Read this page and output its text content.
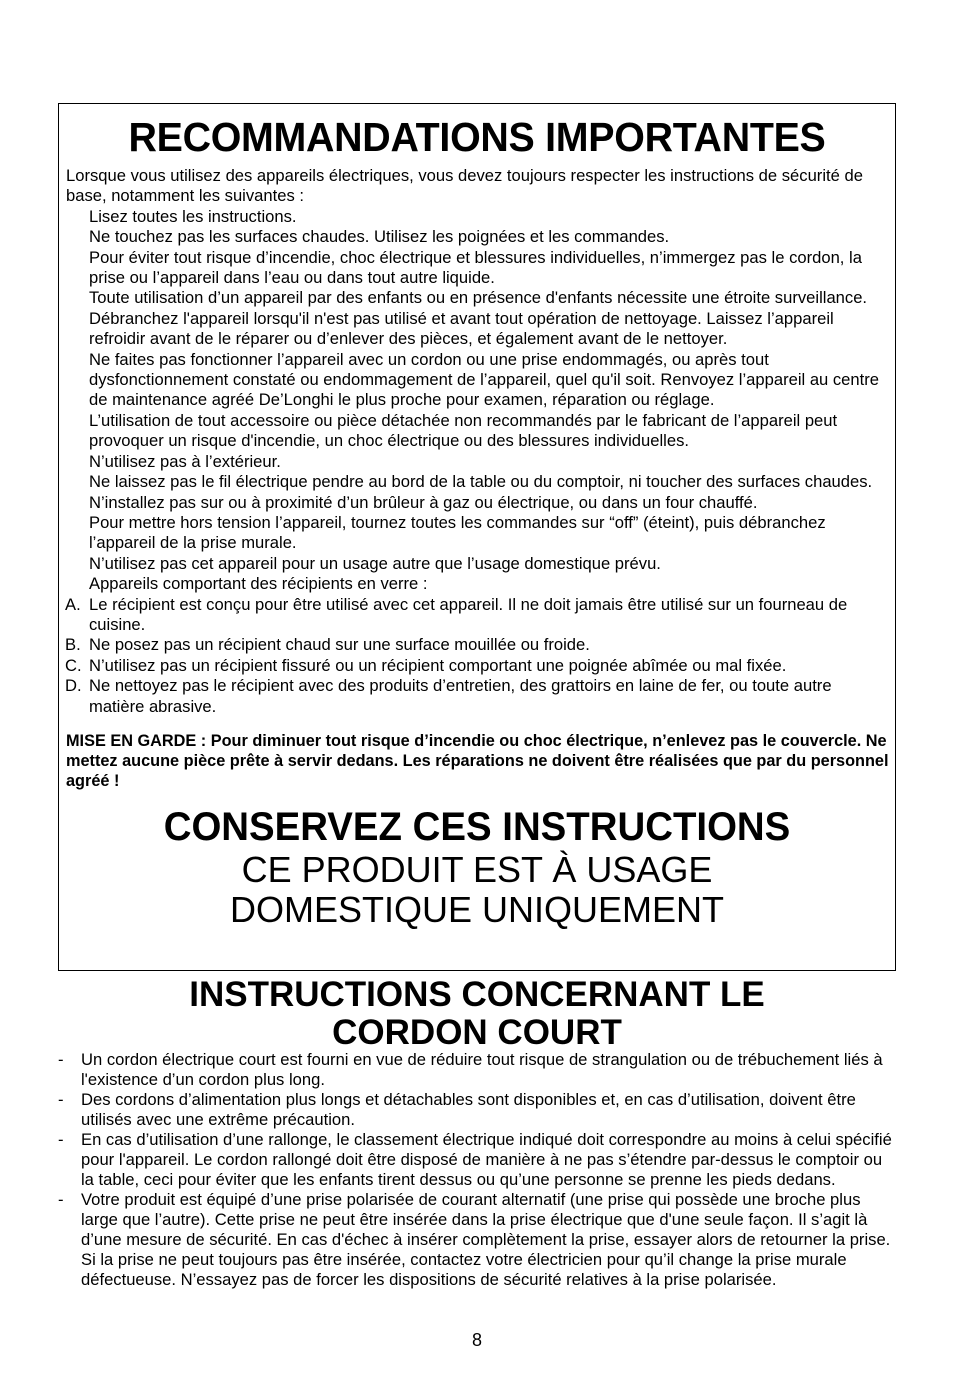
RECOMMANDATIONS IMPORTANTES

Lorsque vous utilisez des appareils électriques, vous devez toujours respecter les instructions de sécurité de base, notamment les suivantes :

Lisez toutes les instructions.
Ne touchez pas les surfaces chaudes. Utilisez les poignées et les commandes.
Pour éviter tout risque d’incendie, choc électrique et blessures individuelles, n’immergez pas le cordon, la prise ou l’appareil dans l’eau ou dans tout autre liquide.
Toute utilisation d’un appareil par des enfants ou en présence d'enfants nécessite une étroite surveillance.
Débranchez l'appareil lorsqu'il n'est pas utilisé et avant tout opération de nettoyage. Laissez l’appareil refroidir avant de le réparer ou d’enlever des pièces, et également avant de le nettoyer.
Ne faites pas fonctionner l’appareil avec un cordon ou une prise endommagés, ou après tout dysfonctionnement constaté ou endommagement de l’appareil, quel qu'il soit. Renvoyez l’appareil au centre de maintenance agréé De’Longhi le plus proche pour examen, réparation ou réglage.
L’utilisation de tout accessoire ou pièce détachée non recommandés par le fabricant de l’appareil peut provoquer un risque d'incendie, un choc électrique ou des blessures individuelles.
N’utilisez pas à l’extérieur.
Ne laissez pas le fil électrique pendre au bord de la table ou du comptoir, ni toucher des surfaces chaudes.
N’installez pas sur ou à proximité d’un brûleur à gaz ou électrique, ou dans un four chauffé.
Pour mettre hors tension l’appareil, tournez toutes les commandes sur “off” (éteint), puis débranchez l’appareil de la prise murale.
N’utilisez pas cet appareil pour un usage autre que l’usage domestique prévu.
Appareils comportant des récipients en verre :
A. Le récipient est conçu pour être utilisé avec cet appareil. Il ne doit jamais être utilisé sur un fourneau de cuisine.
B. Ne posez pas un récipient chaud sur une surface mouillée ou froide.
C. N’utilisez pas un récipient fissuré ou un récipient comportant une poignée abîmée ou mal fixée.
D. Ne nettoyez pas le récipient avec des produits d’entretien, des grattoirs en laine de fer, ou toute autre matière abrasive.

MISE EN GARDE : Pour diminuer tout risque d’incendie ou choc électrique, n’enlevez pas le couvercle. Ne mettez aucune pièce prête à servir dedans. Les réparations ne doivent être réalisées que par du personnel agréé !

CONSERVEZ CES INSTRUCTIONS
CE PRODUIT EST À USAGE
DOMESTIQUE UNIQUEMENT
INSTRUCTIONS CONCERNANT LE
CORDON COURT
- Un cordon électrique court est fourni en vue de réduire tout risque de strangulation ou de trébuchement liés à l'existence d’un cordon plus long.
- Des cordons d’alimentation plus longs et détachables sont disponibles et, en cas d’utilisation, doivent être utilisés avec une extrême précaution.
- En cas d’utilisation d’une rallonge, le classement électrique indiqué doit correspondre au moins à celui spécifié pour l'appareil. Le cordon rallongé doit être disposé de manière à ne pas s’étendre par-dessus le comptoir ou la table, ceci pour éviter que les enfants tirent dessus ou qu’une personne se prenne les pieds dedans.
- Votre produit est équipé d’une prise polarisée de courant alternatif (une prise qui possède une broche plus large que l’autre). Cette prise ne peut être insérée dans la prise électrique que d'une seule façon. Il s’agit là d’une mesure de sécurité. En cas d'échec à insérer complètement la prise, essayer alors de retourner la prise. Si la prise ne peut toujours pas être insérée, contactez votre électricien pour qu’il change la prise murale défectueuse. N’essayez pas de forcer les dispositions de sécurité relatives à la prise polarisée.
8
